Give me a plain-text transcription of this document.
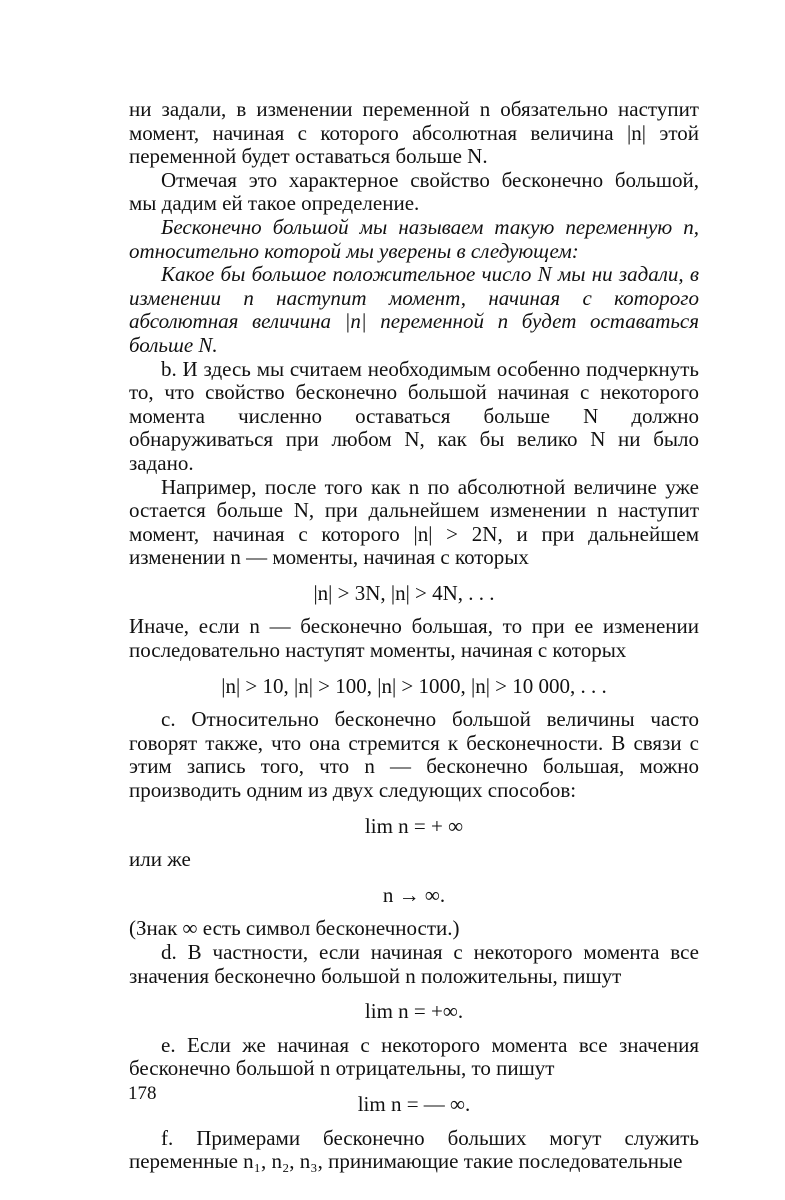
ни задали, в изменении переменной n обязательно наступит момент, начиная с которого абсолютная величина |n| этой переменной будет оставаться больше N.

Отмечая это характерное свойство бесконечно большой, мы дадим ей такое определение.

Бесконечно большой мы называем такую переменную n, относительно которой мы уверены в следующем:

Какое бы большое положительное число N мы ни задали, в изменении n наступит момент, начиная с которого абсолютная величина |n| переменной n будет оставаться больше N.

b. И здесь мы считаем необходимым особенно подчеркнуть то, что свойство бесконечно большой начиная с некоторого момента численно оставаться больше N должно обнаруживаться при любом N, как бы велико N ни было задано.

Например, после того как n по абсолютной величине уже остается больше N, при дальнейшем изменении n наступит момент, начиная с которого |n| > 2N, и при дальнейшем изменении n — моменты, начиная с которых

|n| > 3N, |n| > 4N, . . .

Иначе, если n — бесконечно большая, то при ее изменении последовательно наступят моменты, начиная с которых

|n| > 10, |n| > 100, |n| > 1000, |n| > 10 000, . . .

c. Относительно бесконечно большой величины часто говорят также, что она стремится к бесконечности. В связи с этим запись того, что n — бесконечно большая, можно производить одним из двух следующих способов:

lim n = + ∞

или же

n → ∞.

(Знак ∞ есть символ бесконечности.)

d. В частности, если начиная с некоторого момента все значения бесконечно большой n положительны, пишут

lim n = +∞.

e. Если же начиная с некоторого момента все значения бесконечно большой n отрицательны, то пишут

lim n = — ∞.

f. Примерами бесконечно больших могут служить переменные n₁, n₂, n₃, принимающие такие последовательные

178
